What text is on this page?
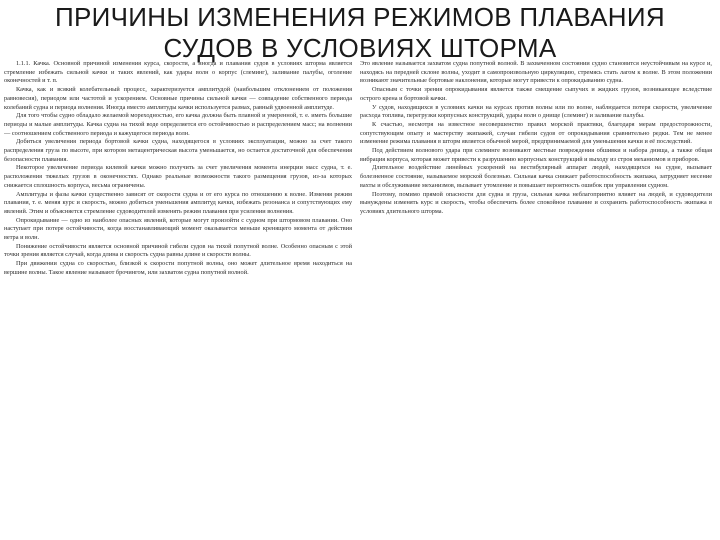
ПРИЧИНЫ ИЗМЕНЕНИЯ РЕЖИМОВ ПЛАВАНИЯ
СУДОВ В УСЛОВИЯХ ШТОРМА

1.1.1. Качка. Основной причиной изменения курса, скорости, а иногда и плавания судов в условиях шторма является стремление избежать сильной качки и таких явлений, как удары волн о корпус (слеминг), заливание палубы, оголение оконечностей и т. п.

Качка, как и всякий колебательный процесс, характеризуется амплитудой (наибольшим отклонением от положения равновесия), периодом или частотой и ускорением. Основные причины сильной качки — совпадение собственного периода колебаний судна и периода волнения. Иногда вместо амплитуды качки используется размах, равный удвоенной амплитуде.

Для того чтобы судно обладало желаемой мореходностью, его качка должна быть плавной и умеренной, т. е. иметь большие периоды и малые амплитуды. Качка судна на тихой воде определяется его остойчивостью и распределением масс; на волнении — соотношением собственного периода и кажущегося периода волн.

Добиться увеличения периода бортовой качки судна, находящегося в условиях эксплуатации, можно за счет такого распределения груза по высоте, при котором метацентрическая высота уменьшается, но остается достаточной для обеспечения безопасности плавания.

Некоторое увеличение периода килевой качки можно получить за счет увеличения момента инерции масс судна, т. е. расположения тяжелых грузов в оконечностях. Однако реальные возможности такого размещения грузов, из-за которых снижается сплошность корпуса, весьма ограничены.

Амплитуды и фазы качки существенно зависят от скорости судна и от его курса по отношению к волне. Изменяя режим плавания, т. е. меняя курс и скорость, можно добиться уменьшения амплитуд качки, избежать резонанса и сопутствующих ему явлений. Этим и объясняется стремление судоводителей изменять режим плавания при усилении волнения.

Опрокидывание — одно из наиболее опасных явлений, которые могут произойти с судном при штормовом плавании. Оно наступает при потере остойчивости, когда восстанавливающий момент оказывается меньше кренящего момента от действия ветра и волн.

Понижение остойчивости является основной причиной гибели судов на тихой попутной волне. Особенно опасным с этой точки зрения является случай, когда длина и скорость судна равны длине и скорости волны.

При движении судна со скоростью, близкой к скорости попутной волны, оно может длительное время находиться на вершине волны. Такое явление называют брочингом, или захватом судна попутной волной.

Это явление называется захватом судна попутной волной. В захваченном состоянии судно становится неустойчивым на курсе и, находясь на передней склоне волны, уходит в самопроизвольную циркуляцию, стремясь стать лагом к волне. В этом положении возникают значительные бортовые наклонения, которые могут привести к опрокидыванию судна.

Опасным с точки зрения опрокидывания является также смещение сыпучих и жидких грузов, возникающее вследствие острого крена и бортовой качки.

У судов, находящихся в условиях качки на курсах против волны или по волне, наблюдается потеря скорости, увеличение расхода топлива, перегрузки корпусных конструкций, удары волн о днище (слеминг) и заливание палубы.

К счастью, несмотря на известное несовершенство правил морской практики, благодаря мерам предосторожности, сопутствующим опыту и мастерству экипажей, случаи гибели судов от опрокидывания сравнительно редки. Тем не менее изменение режима плавания в шторм является обычной мерой, предпринимаемой для уменьшения качки и её последствий.

Под действием волнового удара при слеминге возникают местные повреждения обшивки и набора днища, а также общая вибрация корпуса, которая может привести к разрушению корпусных конструкций и выходу из строя механизмов и приборов.

Длительное воздействие линейных ускорений на вестибулярный аппарат людей, находящихся на судне, вызывает болезненное состояние, называемое морской болезнью. Сильная качка снижает работоспособность экипажа, затрудняет несение вахты и обслуживание механизмов, вызывает утомление и повышает вероятность ошибок при управлении судном.

Поэтому, помимо прямой опасности для судна и груза, сильная качка неблагоприятно влияет на людей, и судоводители вынуждены изменять курс и скорость, чтобы обеспечить более спокойное плавание и сохранить работоспособность экипажа в условиях длительного шторма.
